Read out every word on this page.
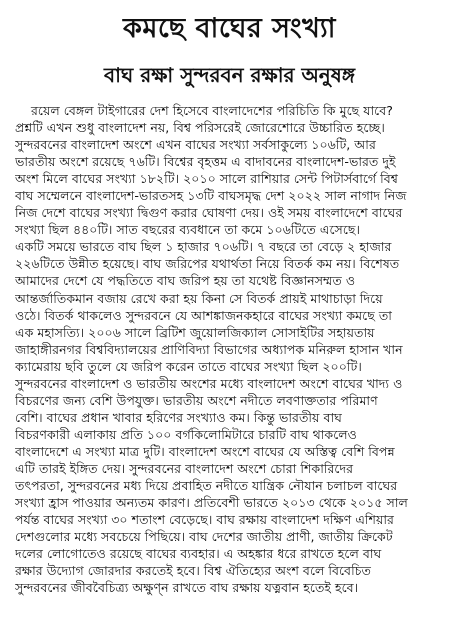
কমছে বাঘের সংখ্যা
বাঘ রক্ষা সুন্দরবন রক্ষার অনুষঙ্গ
রয়েল বেঙ্গল টাইগারের দেশ হিসেবে বাংলাদেশের পরিচিতি কি মুছে যাবে?
প্রশ্নটি এখন শুধু বাংলাদেশ নয়, বিশ্ব পরিসরেই জোরেশোরে উচ্চারিত হচ্ছে।
সুন্দরবনের বাংলাদেশ অংশে এখন বাঘের সংখ্যা সর্বসাকুল্যে ১০৬টি, আর
ভারতীয় অংশে রয়েছে ৭৬টি। বিশ্বের বৃহত্তম এ বাদাবনের বাংলাদেশ-ভারত দুই
অংশ মিলে বাঘের সংখ্যা ১৮২টি। ২০১০ সালে রাশিয়ার সেন্ট পিটার্সবার্গে বিশ্ব
বাঘ সম্মেলনে বাংলাদেশ-ভারতসহ ১৩টি বাঘসমৃদ্ধ দেশ ২০২২ সাল নাগাদ নিজ
নিজ দেশে বাঘের সংখ্যা দ্বিগুণ করার ঘোষণা দেয়। ওই সময় বাংলাদেশে বাঘের
সংখ্যা ছিল ৪৪০টি। সাত বছরের ব্যবধানে তা কমে ১০৬টিতে এসেছে।
একটি সময়ে ভারতে বাঘ ছিল ১ হাজার ৭০৬টি। ৭ বছরে তা বেড়ে ২ হাজার
২২৬টিতে উন্নীত হয়েছে। বাঘ জরিপের যথার্থতা নিয়ে বিতর্ক কম নয়। বিশেষত
আমাদের দেশে যে পদ্ধতিতে বাঘ জরিপ হয় তা যথেষ্ট বিজ্ঞানসম্মত ও
আন্তর্জাতিকমান বজায় রেখে করা হয় কিনা সে বিতর্ক প্রায়ই মাথাচাড়া দিয়ে
ওঠে। বিতর্ক থাকলেও সুন্দরবনে যে আশঙ্কাজনকহারে বাঘের সংখ্যা কমছে তা
এক মহাসত্যি। ২০০৬ সালে ব্রিটিশ জুয়োলজিক্যাল সোসাইটির সহায়তায়
জাহাঙ্গীরনগর বিশ্ববিদ্যালয়ের প্রাণিবিদ্যা বিভাগের অধ্যাপক মনিরুল হাসান খান
ক্যামেরায় ছবি তুলে যে জরিপ করেন তাতে বাঘের সংখ্যা ছিল ২০০টি।
সুন্দরবনের বাংলাদেশ ও ভারতীয় অংশের মধ্যে বাংলাদেশ অংশে বাঘের খাদ্য ও
বিচরণের জন্য বেশি উপযুক্ত। ভারতীয় অংশে নদীতে লবণাক্ততার পরিমাণ
বেশি। বাঘের প্রধান খাবার হরিণের সংখ্যাও কম। কিন্তু ভারতীয় বাঘ
বিচরণকারী এলাকায় প্রতি ১০০ বর্গকিলোমিটারে চারটি বাঘ থাকলেও
বাংলাদেশে এ সংখ্যা মাত্র দুটি। বাংলাদেশ অংশে বাঘের যে অস্তিত্ব বেশি বিপন্ন
এটি তারই ইঙ্গিত দেয়। সুন্দরবনের বাংলাদেশ অংশে চোরা শিকারিদের
তৎপরতা, সুন্দরবনের মধ্য দিয়ে প্রবাহিত নদীতে যান্ত্রিক নৌযান চলাচল বাঘের
সংখ্যা হ্রাস পাওয়ার অন্যতম কারণ। প্রতিবেশী ভারতে ২০১৩ থেকে ২০১৫ সাল
পর্যন্ত বাঘের সংখ্যা ৩০ শতাংশ বেড়েছে। বাঘ রক্ষায় বাংলাদেশ দক্ষিণ এশিয়ার
দেশগুলোর মধ্যে সবচেয়ে পিছিয়ে। বাঘ দেশের জাতীয় প্রাণী, জাতীয় ক্রিকেট
দলের লোগোতেও রয়েছে বাঘের ব্যবহার। এ অহঙ্কার ধরে রাখতে হলে বাঘ
রক্ষার উদ্যোগ জোরদার করতেই হবে। বিশ্ব ঐতিহ্যের অংশ বলে বিবেচিত
সুন্দরবনের জীববৈচিত্র্য অক্ষুণ্ন রাখতে বাঘ রক্ষায় যত্নবান হতেই হবে।
